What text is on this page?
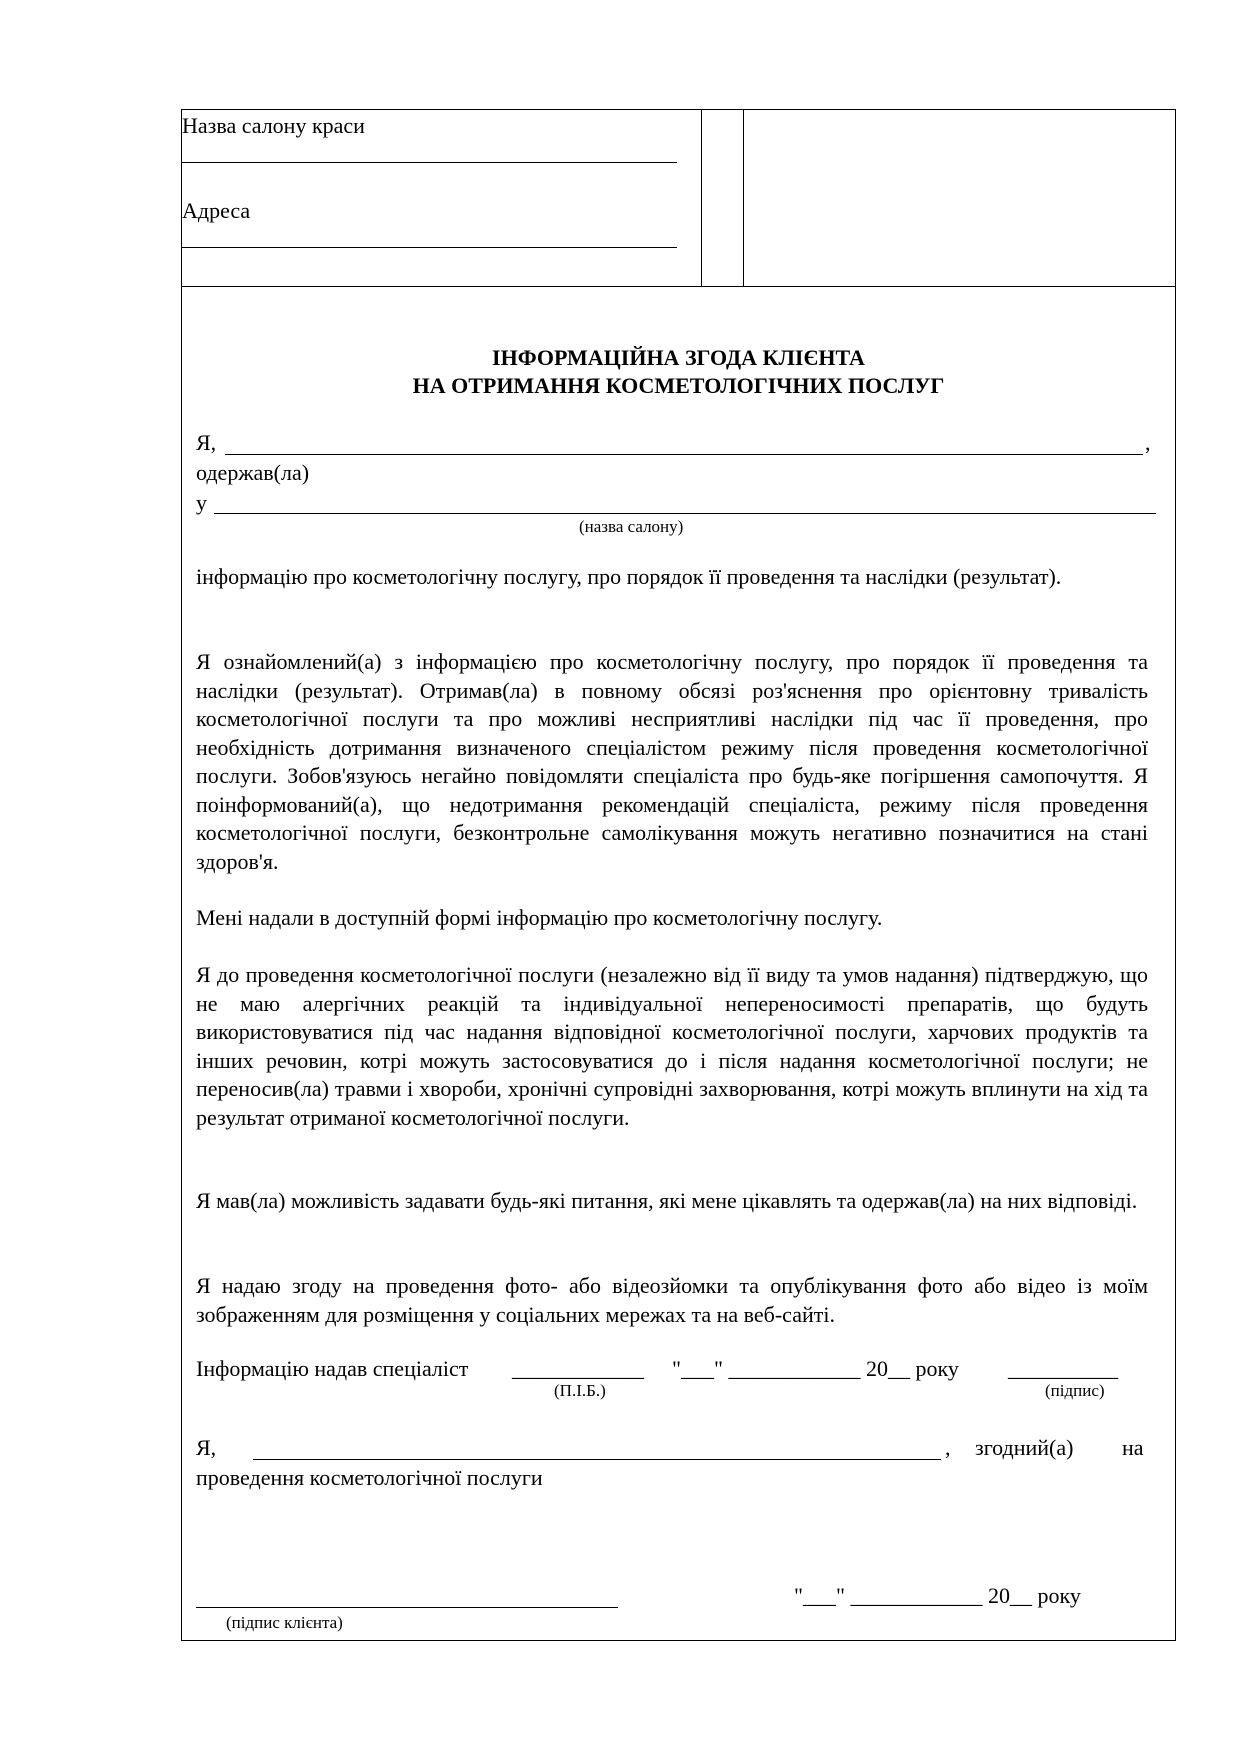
Назва салону краси
Адреса
ІНФОРМАЦІЙНА ЗГОДА КЛІЄНТА
НА ОТРИМАННЯ КОСМЕТОЛОГІЧНИХ ПОСЛУГ
Я,	,
одержав(ла)
у
(назва салону)
інформацію про косметологічну послугу, про порядок її проведення та наслідки (результат).
Я ознайомлений(а) з інформацією про косметологічну послугу, про порядок її проведення та наслідки (результат). Отримав(ла) в повному обсязі роз'яснення про орієнтовну тривалість косметологічної послуги та про можливі несприятливі наслідки під час її проведення, про необхідність дотримання визначеного спеціалістом режиму після проведення косметологічної послуги. Зобов'язуюсь негайно повідомляти спеціаліста про будь-яке погіршення самопочуття. Я поінформований(а), що недотримання рекомендацій спеціаліста, режиму після проведення косметологічної послуги, безконтрольне самолікування можуть негативно позначитися на стані здоров'я.
Мені надали в доступній формі інформацію про косметологічну послугу.
Я до проведення косметологічної послуги (незалежно від її виду та умов надання) підтверджую, що не маю алергічних реакцій та індивідуальної непереносимості препаратів, що будуть використовуватися під час надання відповідної косметологічної послуги, харчових продуктів та інших речовин, котрі можуть застосовуватися до і після надання косметологічної послуги; не переносив(ла) травми і хвороби, хронічні супровідні захворювання, котрі можуть вплинути на хід та результат отриманої косметологічної послуги.
Я мав(ла) можливість задавати будь-які питання, які мене цікавлять та одержав(ла) на них відповіді.
Я надаю згоду на проведення фото- або відеозйомки та опублікування фото або відео із моїм зображенням для розміщення у соціальних мережах та на веб-сайті.
Інформацію надав спеціаліст ____________ "___" ____________ 20__ року __________
(П.І.Б.)	(підпис)
Я,	, згодний(а) на
проведення косметологічної послуги
"___" ____________ 20__ року
(підпис клієнта)
